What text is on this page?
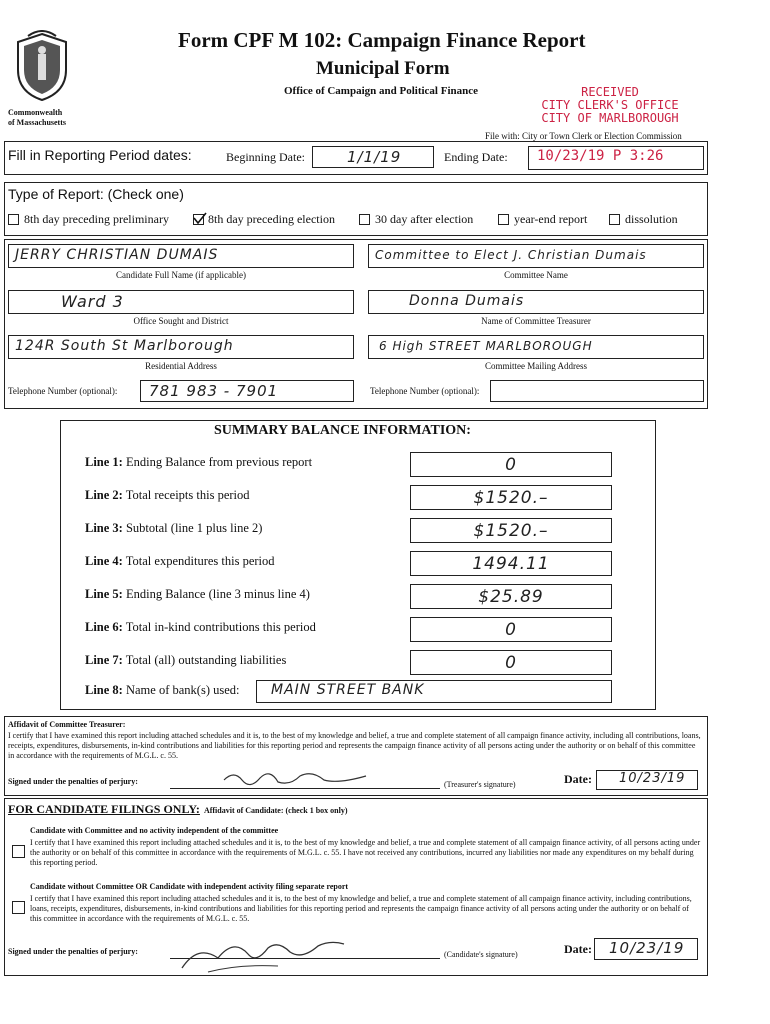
Commonwealth
of Massachusetts
Form CPF M 102: Campaign Finance Report
Municipal Form
Office of Campaign and Political Finance	RECEIVED
CITY CLERK'S OFFICE
CITY OF MARLBOROUGH
File with: City or Town Clerk or Election Commission
Fill in Reporting Period dates:	Beginning Date:	1/1/19	Ending Date: 10/23/19 P 3:26
Type of Report: (Check one)
8th day preceding preliminary	8th day preceding election	30 day after election	year-end report	dissolution
JERRY CHRISTIAN DUMAIS
Candidate Full Name (if applicable)
Committee to Elect J. Christian Dumais
Committee Name
Ward 3
Office Sought and District
Donna Dumais
Name of Committee Treasurer
124R South St Marlborough
Residential Address
6 High STREET MARLBOROUGH
Committee Mailing Address
Telephone Number (optional): 781 983 - 7901	Telephone Number (optional):
SUMMARY BALANCE INFORMATION:
Line 1: Ending Balance from previous report	0
Line 2: Total receipts this period	$1520.–
Line 3: Subtotal (line 1 plus line 2)	$1520.–
Line 4: Total expenditures this period	1494.11
Line 5: Ending Balance (line 3 minus line 4)	$25.89
Line 6: Total in-kind contributions this period	0
Line 7: Total (all) outstanding liabilities	0
Line 8: Name of bank(s) used: MAIN STREET BANK
Affidavit of Committee Treasurer:
I certify that I have examined this report including attached schedules and it is, to the best of my knowledge and belief, a true and complete statement of all campaign finance activity, including all contributions, loans, receipts, expenditures, disbursements, in-kind contributions and liabilities for this reporting period and represents the campaign finance activity of all persons acting under the authority or on behalf of this committee in accordance with the requirements of M.G.L. c. 55.
Signed under the penalties of perjury:	(Treasurer's signature)	Date: 10/23/19
FOR CANDIDATE FILINGS ONLY: Affidavit of Candidate: (check 1 box only)
Candidate with Committee and no activity independent of the committee
I certify that I have examined this report including attached schedules and it is, to the best of my knowledge and belief, a true and complete statement of all campaign finance activity, of all persons acting under the authority or on behalf of this committee in accordance with the requirements of M.G.L. c. 55. I have not received any contributions, incurred any liabilities nor made any expenditures on my behalf during this reporting period.
Candidate without Committee OR Candidate with independent activity filing separate report
I certify that I have examined this report including attached schedules and it is, to the best of my knowledge and belief, a true and complete statement of all campaign finance activity, including contributions, loans, receipts, expenditures, disbursements, in-kind contributions and liabilities for this reporting period and represents the campaign finance activity of all persons acting under the authority or on behalf of this committee in accordance with the requirements of M.G.L. c. 55.
Signed under the penalties of perjury:	(Candidate's signature)	Date: 10/23/19
